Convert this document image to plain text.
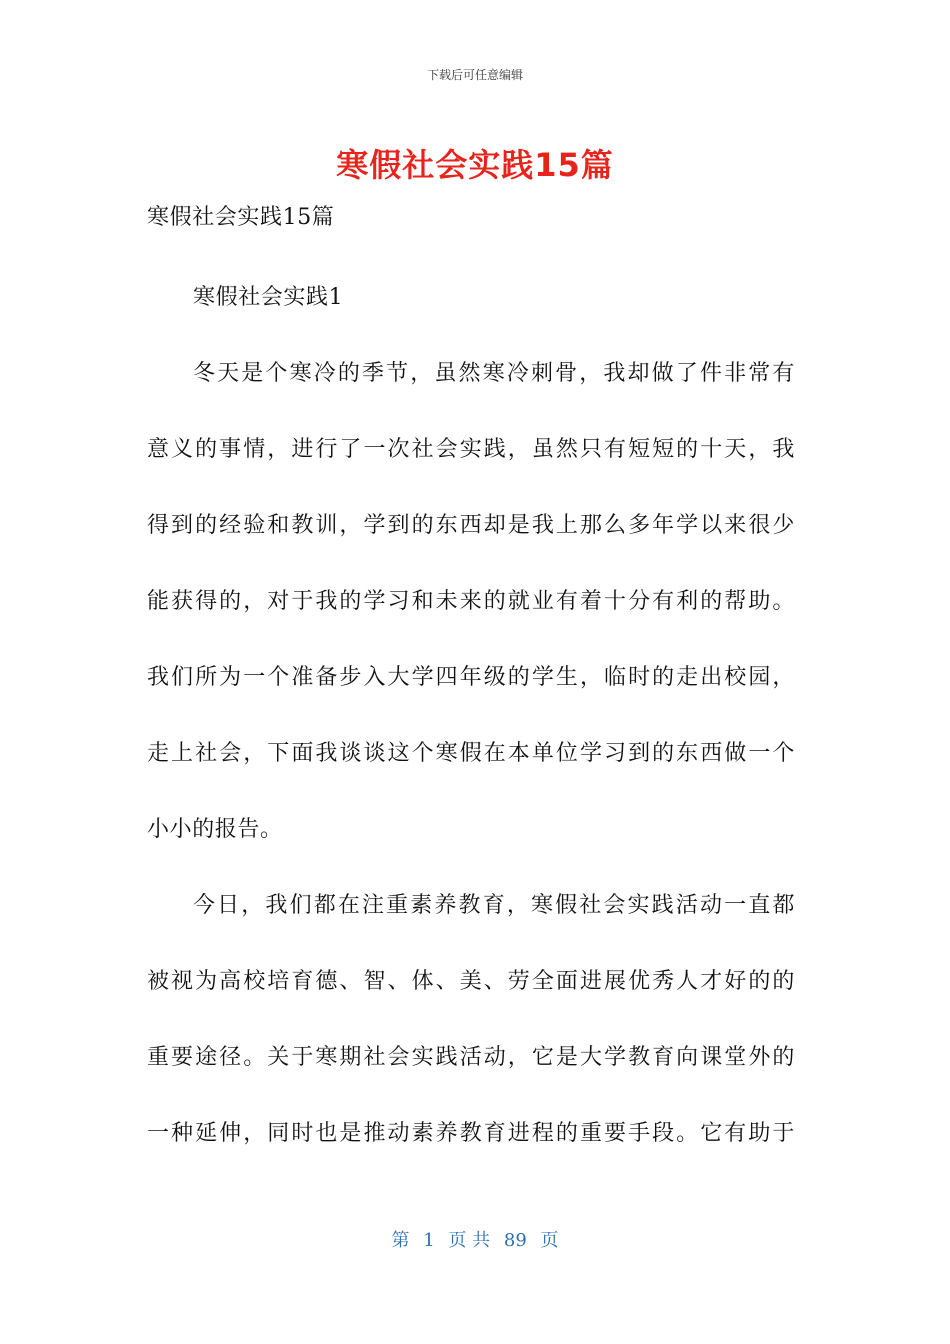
下载后可任意编辑
寒假社会实践15篇
寒假社会实践15篇
寒假社会实践1
冬天是个寒冷的季节，虽然寒冷刺骨，我却做了件非常有
意义的事情，进行了一次社会实践，虽然只有短短的十天，我
得到的经验和教训，学到的东西却是我上那么多年学以来很少
能获得的，对于我的学习和未来的就业有着十分有利的帮助。
我们所为一个准备步入大学四年级的学生，临时的走出校园，
走上社会，下面我谈谈这个寒假在本单位学习到的东西做一个
小小的报告。
今日，我们都在注重素养教育，寒假社会实践活动一直都
被视为高校培育德、智、体、美、劳全面进展优秀人才好的的
重要途径。关于寒期社会实践活动，它是大学教育向课堂外的
一种延伸，同时也是推动素养教育进程的重要手段。它有助于
第 1 页 共 89 页
